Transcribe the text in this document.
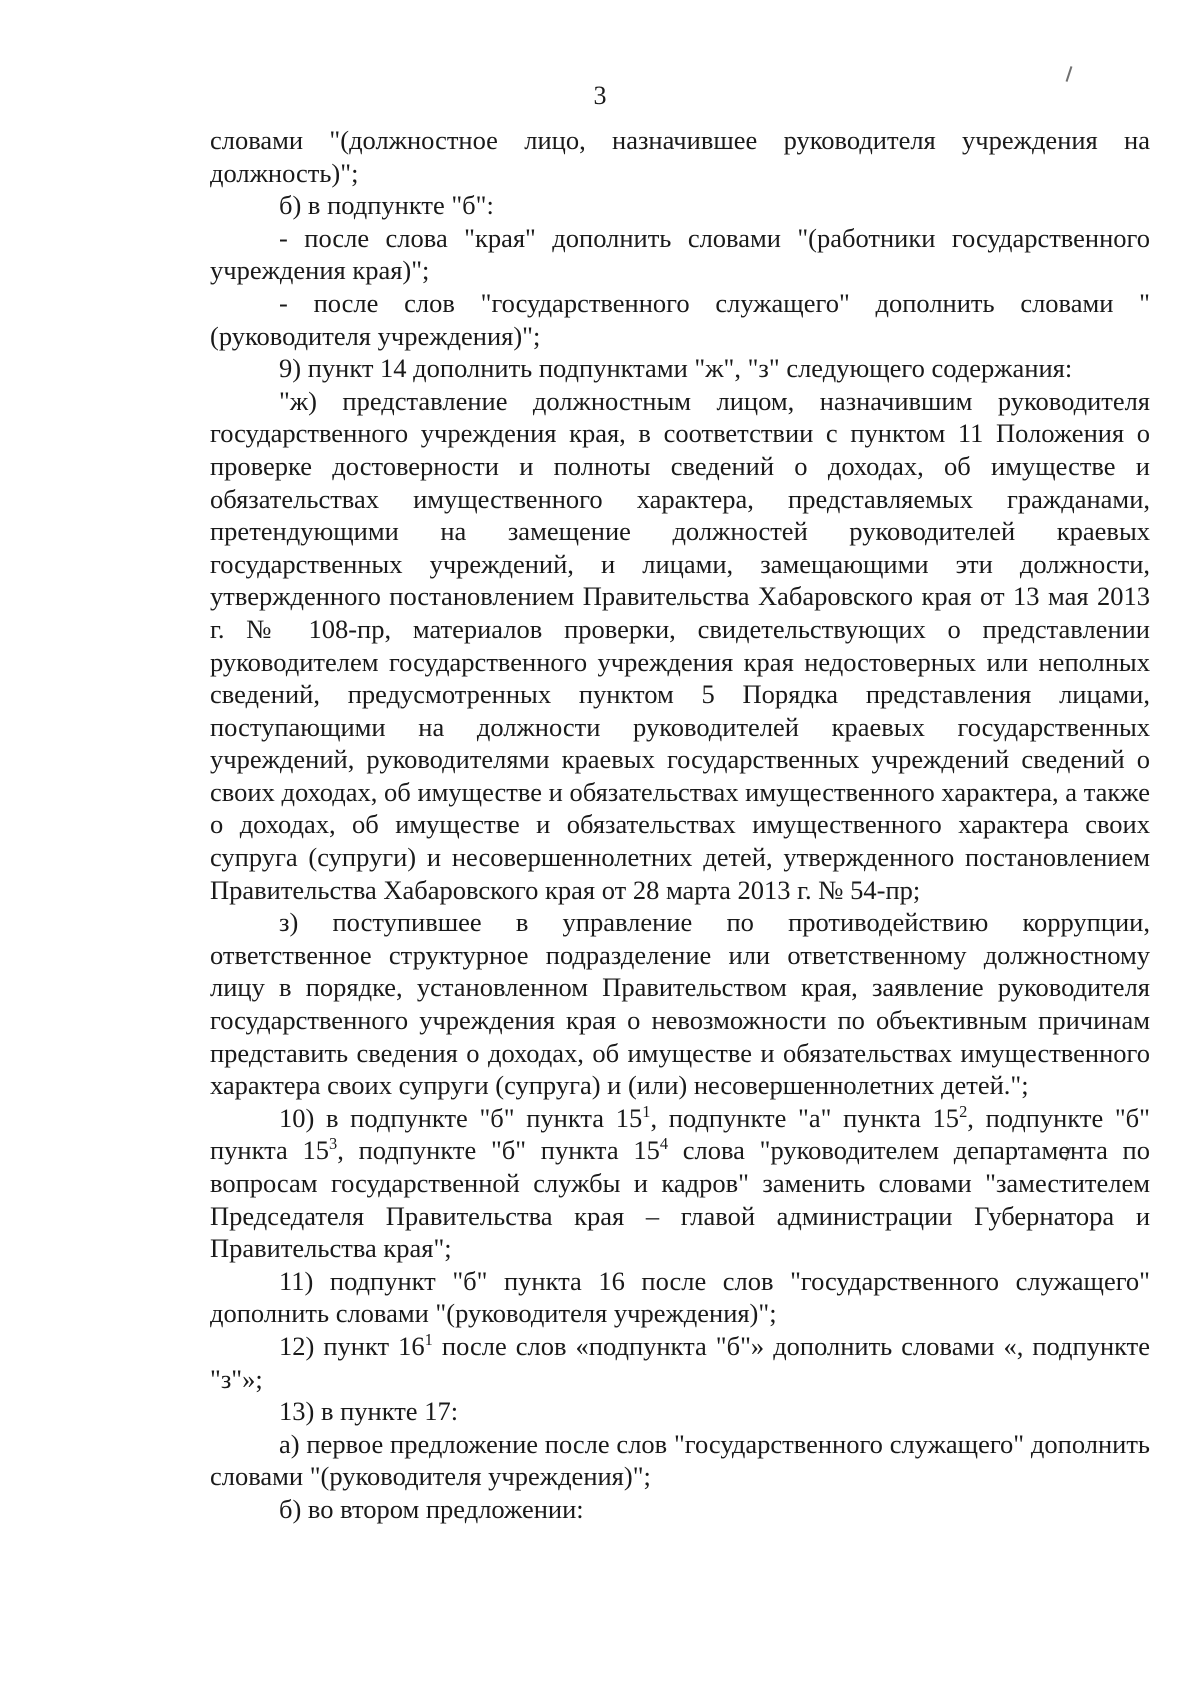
3

словами "(должностное лицо, назначившее руководителя учреждения на должность)";

б) в подпункте "б":

- после слова "края" дополнить словами "(работники государственного учреждения края)";

- после слов "государственного служащего" дополнить словами "(руководителя учреждения)";

9) пункт 14 дополнить подпунктами "ж", "з" следующего содержания:

"ж) представление должностным лицом, назначившим руководителя государственного учреждения края, в соответствии с пунктом 11 Положения о проверке достоверности и полноты сведений о доходах, об имуществе и обязательствах имущественного характера, представляемых гражданами, претендующими на замещение должностей руководителей краевых государственных учреждений, и лицами, замещающими эти должности, утвержденного постановлением Правительства Хабаровского края от 13 мая 2013 г. № 108-пр, материалов проверки, свидетельствующих о представлении руководителем государственного учреждения края недостоверных или неполных сведений, предусмотренных пунктом 5 Порядка представления лицами, поступающими на должности руководителей краевых государственных учреждений, руководителями краевых государственных учреждений сведений о своих доходах, об имуществе и обязательствах имущественного характера, а также о доходах, об имуществе и обязательствах имущественного характера своих супруга (супруги) и несовершеннолетних детей, утвержденного постановлением Правительства Хабаровского края от 28 марта 2013 г. № 54-пр;

з) поступившее в управление по противодействию коррупции, ответственное структурное подразделение или ответственному должностному лицу в порядке, установленном Правительством края, заявление руководителя государственного учреждения края о невозможности по объективным причинам представить сведения о доходах, об имуществе и обязательствах имущественного характера своих супруги (супруга) и (или) несовершеннолетних детей.";

10) в подпункте "б" пункта $15^1$, подпункте "а" пункта $15^2$, подпункте "б" пункта $15^3$, подпункте "б" пункта $15^4$ слова "руководителем департамента по вопросам государственной службы и кадров" заменить словами "заместителем Председателя Правительства края – главой администрации Губернатора и Правительства края";

11) подпункт "б" пункта 16 после слов "государственного служащего" дополнить словами "(руководителя учреждения)";

12) пункт $16^1$ после слов «подпункта "б"» дополнить словами «, подпункте "з"»;

13) в пункте 17:

а) первое предложение после слов "государственного служащего" дополнить словами "(руководителя учреждения)";

б) во втором предложении:
